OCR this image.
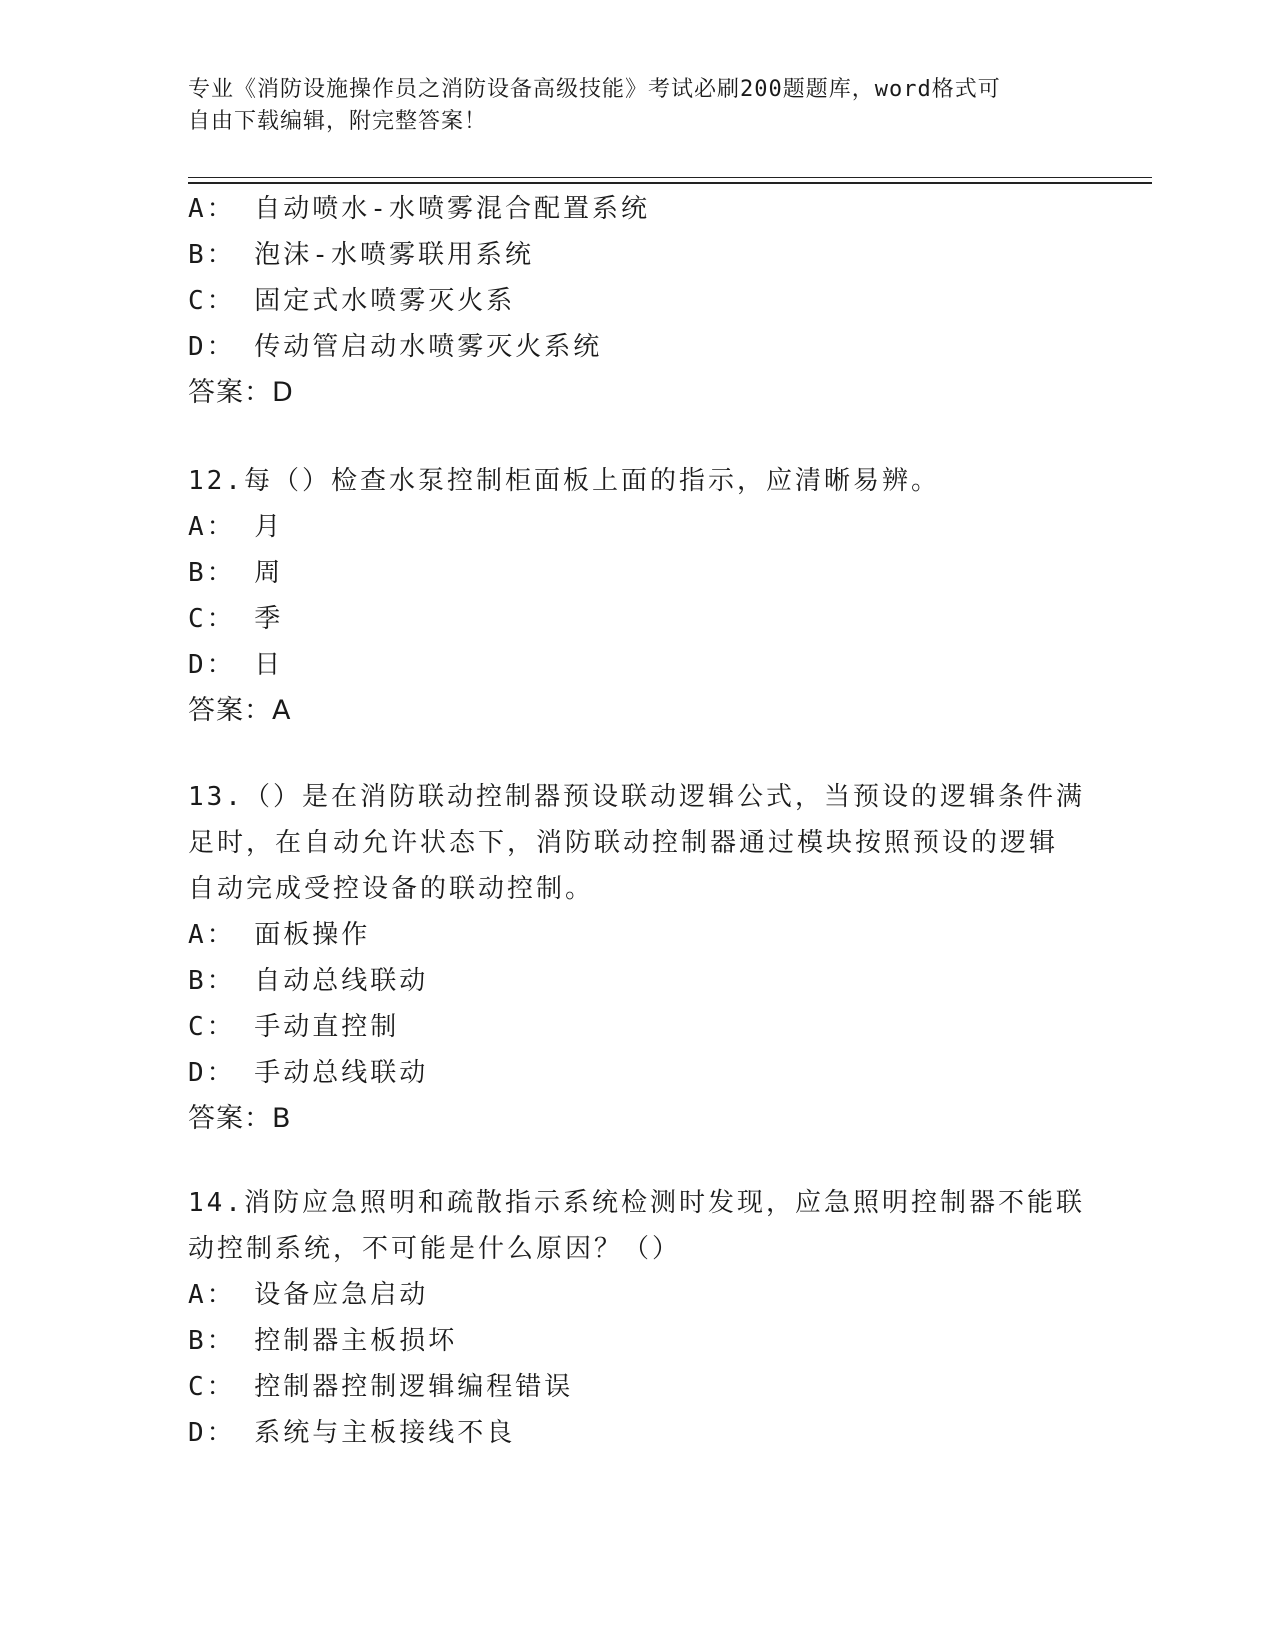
专业《消防设施操作员之消防设备高级技能》考试必刷200题题库，word格式可
自由下载编辑，附完整答案！
A： 自动喷水-水喷雾混合配置系统
B： 泡沫-水喷雾联用系统
C： 固定式水喷雾灭火系
D： 传动管启动水喷雾灭火系统
答案：D
12.每（）检查水泵控制柜面板上面的指示，应清晰易辨。
A： 月
B： 周
C： 季
D： 日
答案：A
13.（）是在消防联动控制器预设联动逻辑公式，当预设的逻辑条件满
足时，在自动允许状态下，消防联动控制器通过模块按照预设的逻辑
自动完成受控设备的联动控制。
A： 面板操作
B： 自动总线联动
C： 手动直控制
D： 手动总线联动
答案：B
14.消防应急照明和疏散指示系统检测时发现，应急照明控制器不能联
动控制系统，不可能是什么原因？（）
A： 设备应急启动
B： 控制器主板损坏
C： 控制器控制逻辑编程错误
D： 系统与主板接线不良
